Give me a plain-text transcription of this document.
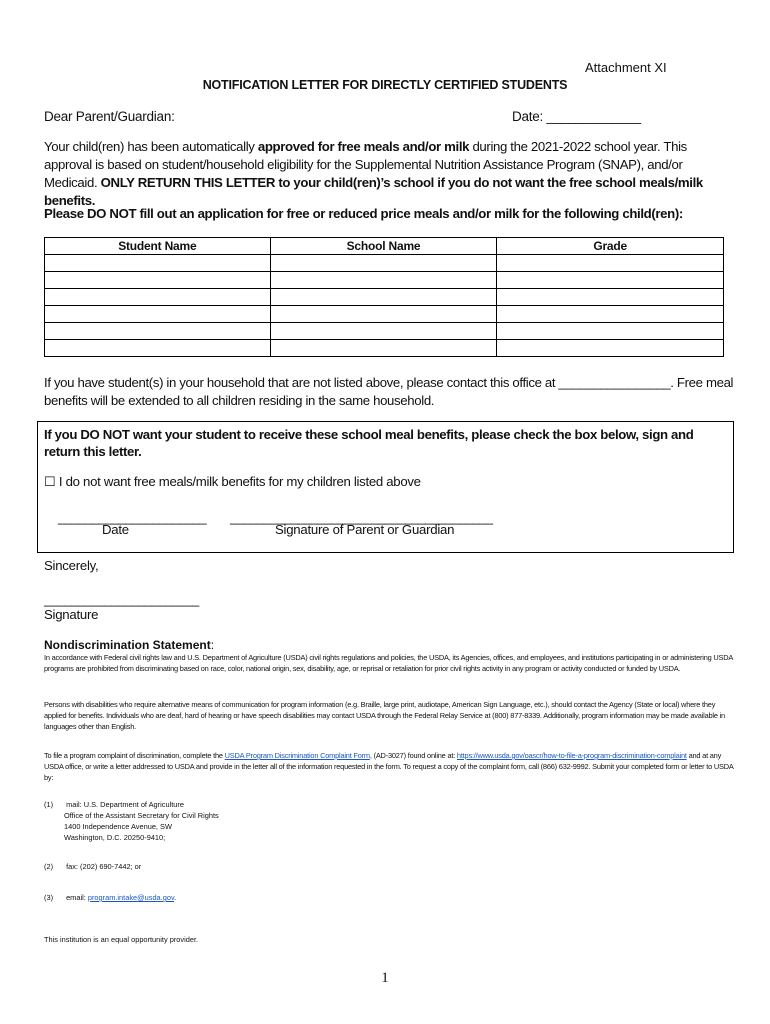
Attachment XI
NOTIFICATION LETTER FOR DIRECTLY CERTIFIED STUDENTS
Dear Parent/Guardian:	Date: _____________
Your child(ren) has been automatically approved for free meals and/or milk during the 2021-2022 school year. This approval is based on student/household eligibility for the Supplemental Nutrition Assistance Program (SNAP), and/or Medicaid. ONLY RETURN THIS LETTER to your child(ren)’s school if you do not want the free school meals/milk benefits.
Please DO NOT fill out an application for free or reduced price meals and/or milk for the following child(ren):
Student Name	School Name	Grade

If you have student(s) in your household that are not listed above, please contact this office at ________________. Free meal benefits will be extended to all children residing in the same household.
If you DO NOT want your student to receive these school meal benefits, please check the box below, sign and return this letter.
☐ I do not want free meals/milk benefits for my children listed above
______________________ _______________________________________
Date	Signature of Parent or Guardian
Sincerely,
_______________________
Signature
Nondiscrimination Statement:
In accordance with Federal civil rights law and U.S. Department of Agriculture (USDA) civil rights regulations and policies, the USDA, its Agencies, offices, and employees, and institutions participating in or administering USDA programs are prohibited from discriminating based on race, color, national origin, sex, disability, age, or reprisal or retaliation for prior civil rights activity in any program or activity conducted or funded by USDA.
Persons with disabilities who require alternative means of communication for program information (e.g. Braille, large print, audiotape, American Sign Language, etc.), should contact the Agency (State or local) where they applied for benefits. Individuals who are deaf, hard of hearing or have speech disabilities may contact USDA through the Federal Relay Service at (800) 877-8339. Additionally, program information may be made available in languages other than English.
To file a program complaint of discrimination, complete the USDA Program Discrimination Complaint Form, (AD-3027) found online at: https://www.usda.gov/oascr/how-to-file-a-program-discrimination-complaint and at any USDA office, or write a letter addressed to USDA and provide in the letter all of the information requested in the form. To request a copy of the complaint form, call (866) 632-9992. Submit your completed form or letter to USDA by:
(1) mail: U.S. Department of Agriculture
Office of the Assistant Secretary for Civil Rights
1400 Independence Avenue, SW
Washington, D.C. 20250-9410;
(2) fax: (202) 690-7442; or
(3) email: program.intake@usda.gov.
This institution is an equal opportunity provider.
1
